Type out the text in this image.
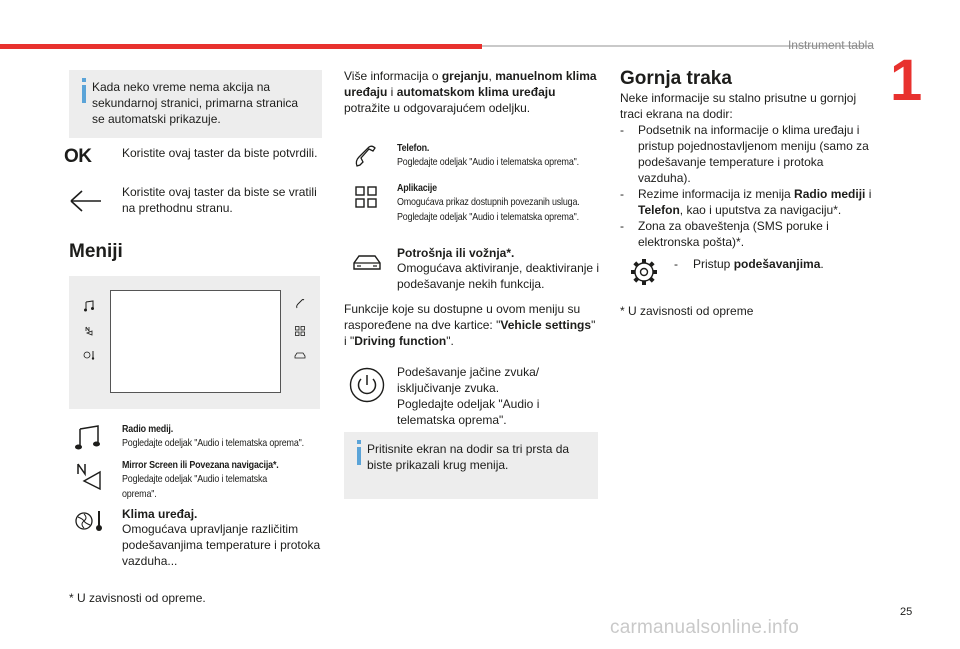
Instrument tabla
1
Kada neko vreme nema akcija na sekundarnoj stranici, primarna stranica se automatski prikazuje.
OK	Koristite ovaj taster da biste potvrdili.
Koristite ovaj taster da biste se vratili na prethodnu stranu.
Meniji
Radio medij.
Pogledajte odeljak "Audio i telematska oprema".
Mirror Screen ili Povezana navigacija*.
Pogledajte odeljak "Audio i telematska oprema".
Klima uređaj.
Omogućava upravljanje različitim podešavanjima temperature i protoka vazduha...
* U zavisnosti od opreme.
Više informacija o grejanju, manuelnom klima uređaju i automatskom klima uređaju potražite u odgovarajućem odeljku.
Telefon.
Pogledajte odeljak "Audio i telematska oprema".
Aplikacije
Omogućava prikaz dostupnih povezanih usluga. Pogledajte odeljak "Audio i telematska oprema".
Potrošnja ili vožnja*.
Omogućava aktiviranje, deaktiviranje i podešavanje nekih funkcija.
Funkcije koje su dostupne u ovom meniju su raspoređene na dve kartice: "Vehicle settings" i "Driving function".
Podešavanje jačine zvuka/ isključivanje zvuka. Pogledajte odeljak "Audio i telematska oprema".
Pritisnite ekran na dodir sa tri prsta da biste prikazali krug menija.
Gornja traka
Neke informacije su stalno prisutne u gornjoj traci ekrana na dodir:
- Podsetnik na informacije o klima uređaju i pristup pojednostavljenom meniju (samo za podešavanje temperature i protoka vazduha).
- Rezime informacija iz menija Radio mediji i Telefon, kao i uputstva za navigaciju*.
- Zona za obaveštenja (SMS poruke i elektronska pošta)*.
- Pristup podešavanjima.
* U zavisnosti od opreme
25
carmanualsonline.info
